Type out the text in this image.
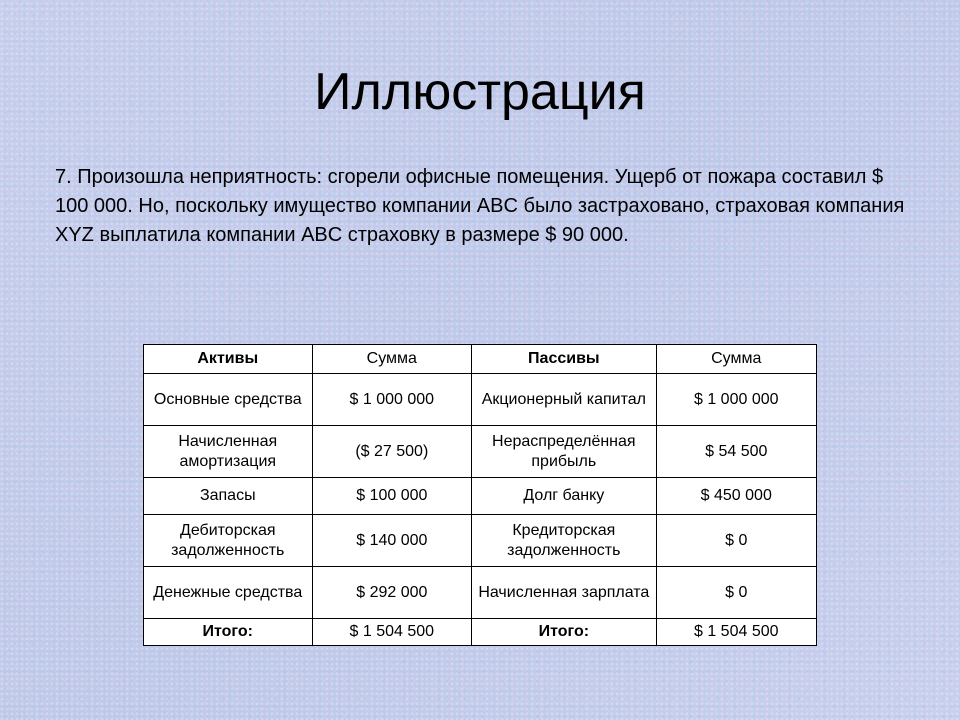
Иллюстрация
7. Произошла неприятность: сгорели офисные помещения. Ущерб от пожара составил $ 100 000. Но, поскольку имущество компании ABC было застраховано, страховая компания XYZ выплатила компании ABC страховку в размере $ 90 000.
Активы	Сумма	Пассивы	Сумма
Основные средства	$ 1 000 000	Акционерный капитал	$ 1 000 000
Начисленная амортизация	($ 27 500)	Нераспределённая прибыль	$ 54 500
Запасы	$ 100 000	Долг банку	$ 450 000
Дебиторская задолженность	$ 140 000	Кредиторская задолженность	$ 0
Денежные средства	$ 292 000	Начисленная зарплата	$ 0
Итого:	$ 1 504 500	Итого:	$ 1 504 500
